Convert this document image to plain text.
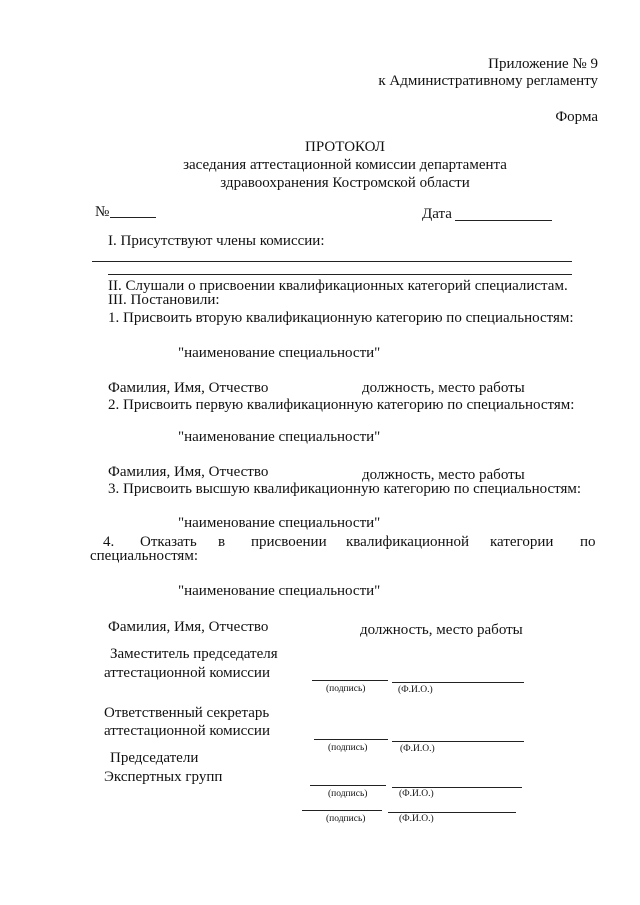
Приложение № 9
к Административному регламенту
Форма
ПРОТОКОЛ
заседания аттестационной комиссии департамента
здравоохранения Костромской области
№	Дата
I. Присутствуют члены комиссии:
II. Слушали о присвоении квалификационных категорий специалистам.
III. Постановили:
1. Присвоить вторую квалификационную категорию по специальностям:
"наименование специальности"
Фамилия, Имя, Отчество	должность, место работы
2. Присвоить первую квалификационную категорию по специальностям:
"наименование специальности"
Фамилия, Имя, Отчество	должность, место работы
3. Присвоить высшую квалификационную категорию по специальностям:
"наименование специальности"
4. Отказать в присвоении квалификационной категории по
специальностям:
"наименование специальности"
Фамилия, Имя, Отчество	должность, место работы
Заместитель председателя
аттестационной комиссии
(подпись)	(Ф.И.О.)
Ответственный секретарь
аттестационной комиссии
(подпись)	(Ф.И.О.)
Председатели
Экспертных групп
(подпись)	(Ф.И.О.)
(подпись)	(Ф.И.О.)
